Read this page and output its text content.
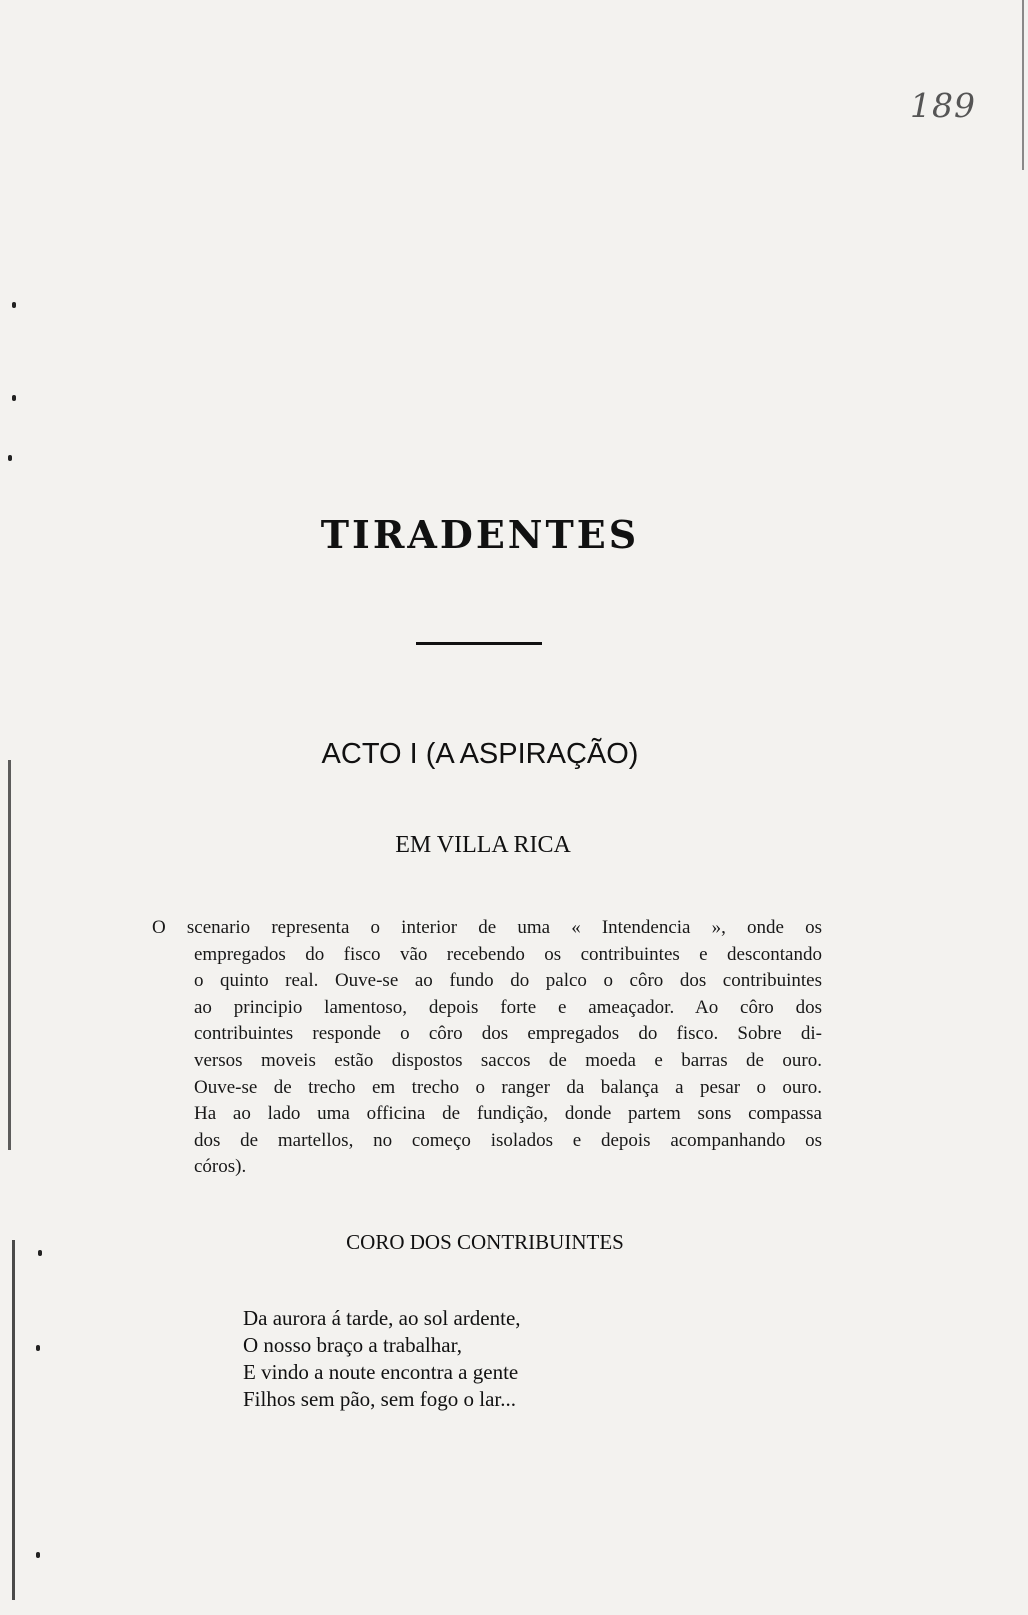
189
TIRADENTES
ACTO I (A ASPIRAÇÃO)
EM VILLA RICA
O scenario representa o interior de uma « Intendencia », onde os
empregados do fisco vão recebendo os contribuintes e descontando
o quinto real. Ouve-se ao fundo do palco o côro dos contribuintes
ao principio lamentoso, depois forte e ameaçador. Ao côro dos
contribuintes responde o côro dos empregados do fisco. Sobre di-
versos moveis estão dispostos saccos de moeda e barras de ouro.
Ouve-se de trecho em trecho o ranger da balança a pesar o ouro.
Ha ao lado uma officina de fundição, donde partem sons compassa
dos de martellos, no começo isolados e depois acompanhando os
córos).
CORO DOS CONTRIBUINTES
Da aurora á tarde, ao sol ardente,
O nosso braço a trabalhar,
E vindo a noute encontra a gente
Filhos sem pão, sem fogo o lar...
